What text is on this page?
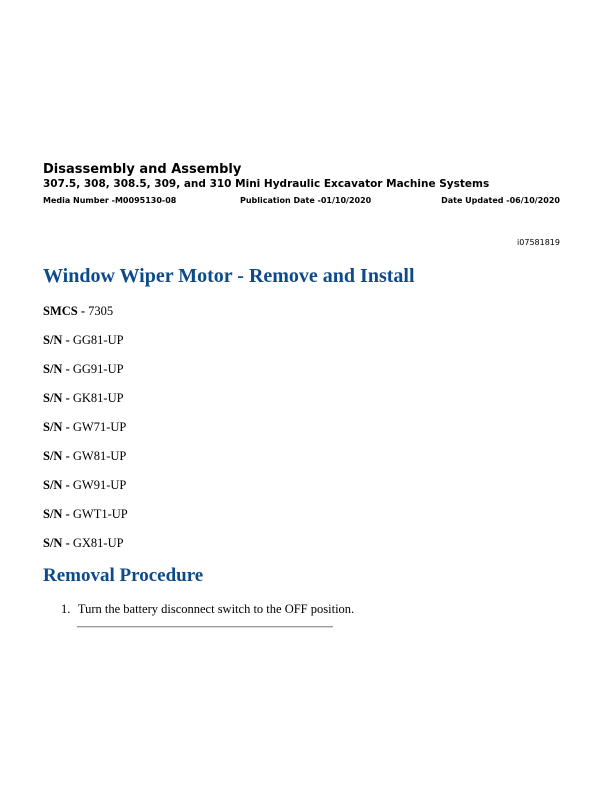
Disassembly and Assembly
307.5, 308, 308.5, 309, and 310 Mini Hydraulic Excavator Machine Systems
Media Number -M0095130-08	Publication Date -01/10/2020	Date Updated -06/10/2020
i07581819
Window Wiper Motor - Remove and Install
SMCS - 7305
S/N - GG81-UP
S/N - GG91-UP
S/N - GK81-UP
S/N - GW71-UP
S/N - GW81-UP
S/N - GW91-UP
S/N - GWT1-UP
S/N - GX81-UP
Removal Procedure
1. Turn the battery disconnect switch to the OFF position.
